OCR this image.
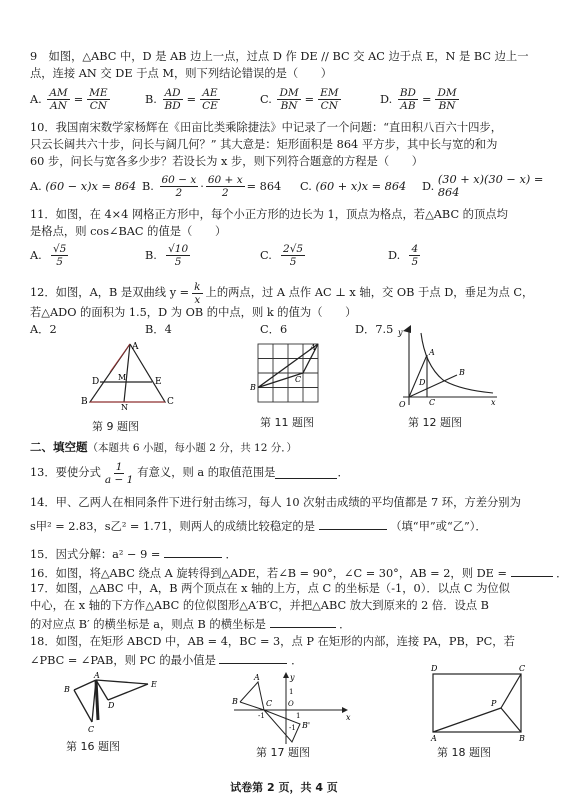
9　如图，△ABC 中，D 是 AB 边上一点，过点 D 作 DE // BC 交 AC 边于点 E，N 是 BC 边上一
点，连接 AN 交 DE 于点 M，则下列结论错误的是（　　）
A.
$\frac{AM}{AN} = \frac{ME}{CN}$	B.
$\frac{AD}{BD} = \frac{AE}{CE}$	C.
$\frac{DM}{BN} = \frac{EM}{CN}$	D.
$\frac{BD}{AB} = \frac{DM}{BN}$
10．我国南宋数学家杨辉在《田亩比类乘除捷法》中记录了一个问题：“直田积八百六十四步，
只云长阔共六十步，问长与阔几何？” 其大意是：矩形面积是 864 平方步，其中长与宽的和为
60 步，问长与宽各多少步？若设长为 x 步，则下列符合题意的方程是（　　）
A.
(60 − x)x = 864 B.
$\frac{60 - x}{2} \cdot \frac{60 + x}{2} = 864$ C.
(60 + x)x = 864 D.
(30 + x)(30 − x) = 864
11．如图，在 4×4 网格正方形中，每个小正方形的边长为 1，顶点为格点，若△ABC 的顶点均
是格点，则 cos∠BAC 的值是（　　）
A.
$\frac{√5}{5}$	B.
$\frac{√10}{5}$	C.
$\frac{2√5}{5}$	D.
$\frac{4}{5}$
12．如图，A，B 是双曲线 $y = \frac{k}{x}$ 上的两点，过 A 点作 AC ⊥ x 轴，交 OB 于点 D，垂足为点 C，
若△ADO 的面积为 1.5，D 为 OB 的中点，则 k 的值为（　　）
A．2	B．4	C．6	D．7.5
A
B	C
D	E
M
N
第 9 题图
A
B
C
第 11 题图
y
x
O
A
B
C
D
第 12 题图
二、填空题（本题共 6 小题，每小题 2 分，共 12 分．）
13．要使分式 $\frac{1}{a - 1}$ 有意义，则 a 的取值范围是	．
14．甲、乙两人在相同条件下进行射击练习，每人 10 次射击成绩的平均值都是 7 环，方差分别为
s甲² = 2.83，s乙² = 1.71，则两人的成绩比较稳定的是	（填“甲”或“乙”）．
15．因式分解：a² − 9 =	．
16．如图，将△ABC 绕点 A 旋转得到△ADE，若∠B = 90°，∠C = 30°，AB = 2，则 DE =	．
17．如图，△ABC 中，A，B 两个顶点在 x 轴的上方，点 C 的坐标是（-1，0）．以点 C 为位似
中心，在 x 轴的下方作△ABC 的位似图形△A′B′C，并把△ABC 放大到原来的 2 倍．设点 B
的对应点 B′ 的横坐标是 a，则点 B 的横坐标是	．
18．如图，在矩形 ABCD 中，AB = 4，BC = 3，点 P 在矩形的内部，连接 PA，PB，PC，若
∠PBC = ∠PAB，则 PC 的最小值是	．
A
B
C
D
E
第 16 题图
A
B	C O
x
y
B'
1
-1	1
-1
第 17 题图
D	C
A	B
P
第 18 题图
试卷第 2 页，共 4 页
